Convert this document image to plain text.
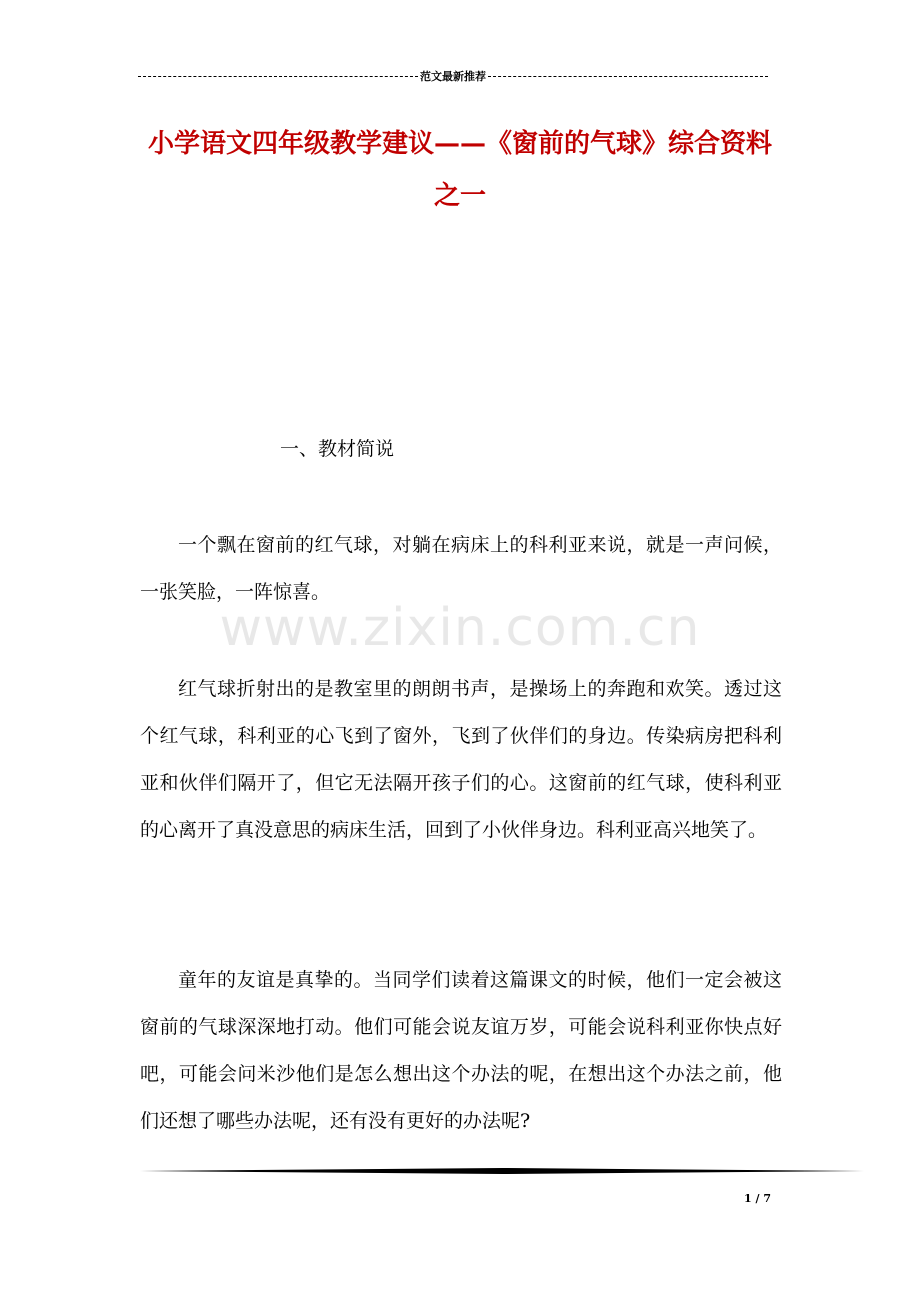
范文最新推荐
小学语文四年级教学建议——《窗前的气球》综合资料之一
一、教材简说

一个飘在窗前的红气球，对躺在病床上的科利亚来说，就是一声问候，一张笑脸，一阵惊喜。

www.zixin.com.cn

红气球折射出的是教室里的朗朗书声，是操场上的奔跑和欢笑。透过这个红气球，科利亚的心飞到了窗外，飞到了伙伴们的身边。传染病房把科利亚和伙伴们隔开了，但它无法隔开孩子们的心。这窗前的红气球，使科利亚的心离开了真没意思的病床生活，回到了小伙伴身边。科利亚高兴地笑了。

童年的友谊是真挚的。当同学们读着这篇课文的时候，他们一定会被这窗前的气球深深地打动。他们可能会说友谊万岁，可能会说科利亚你快点好吧，可能会问米沙他们是怎么想出这个办法的呢，在想出这个办法之前，他们还想了哪些办法呢，还有没有更好的办法呢?

1 / 7
